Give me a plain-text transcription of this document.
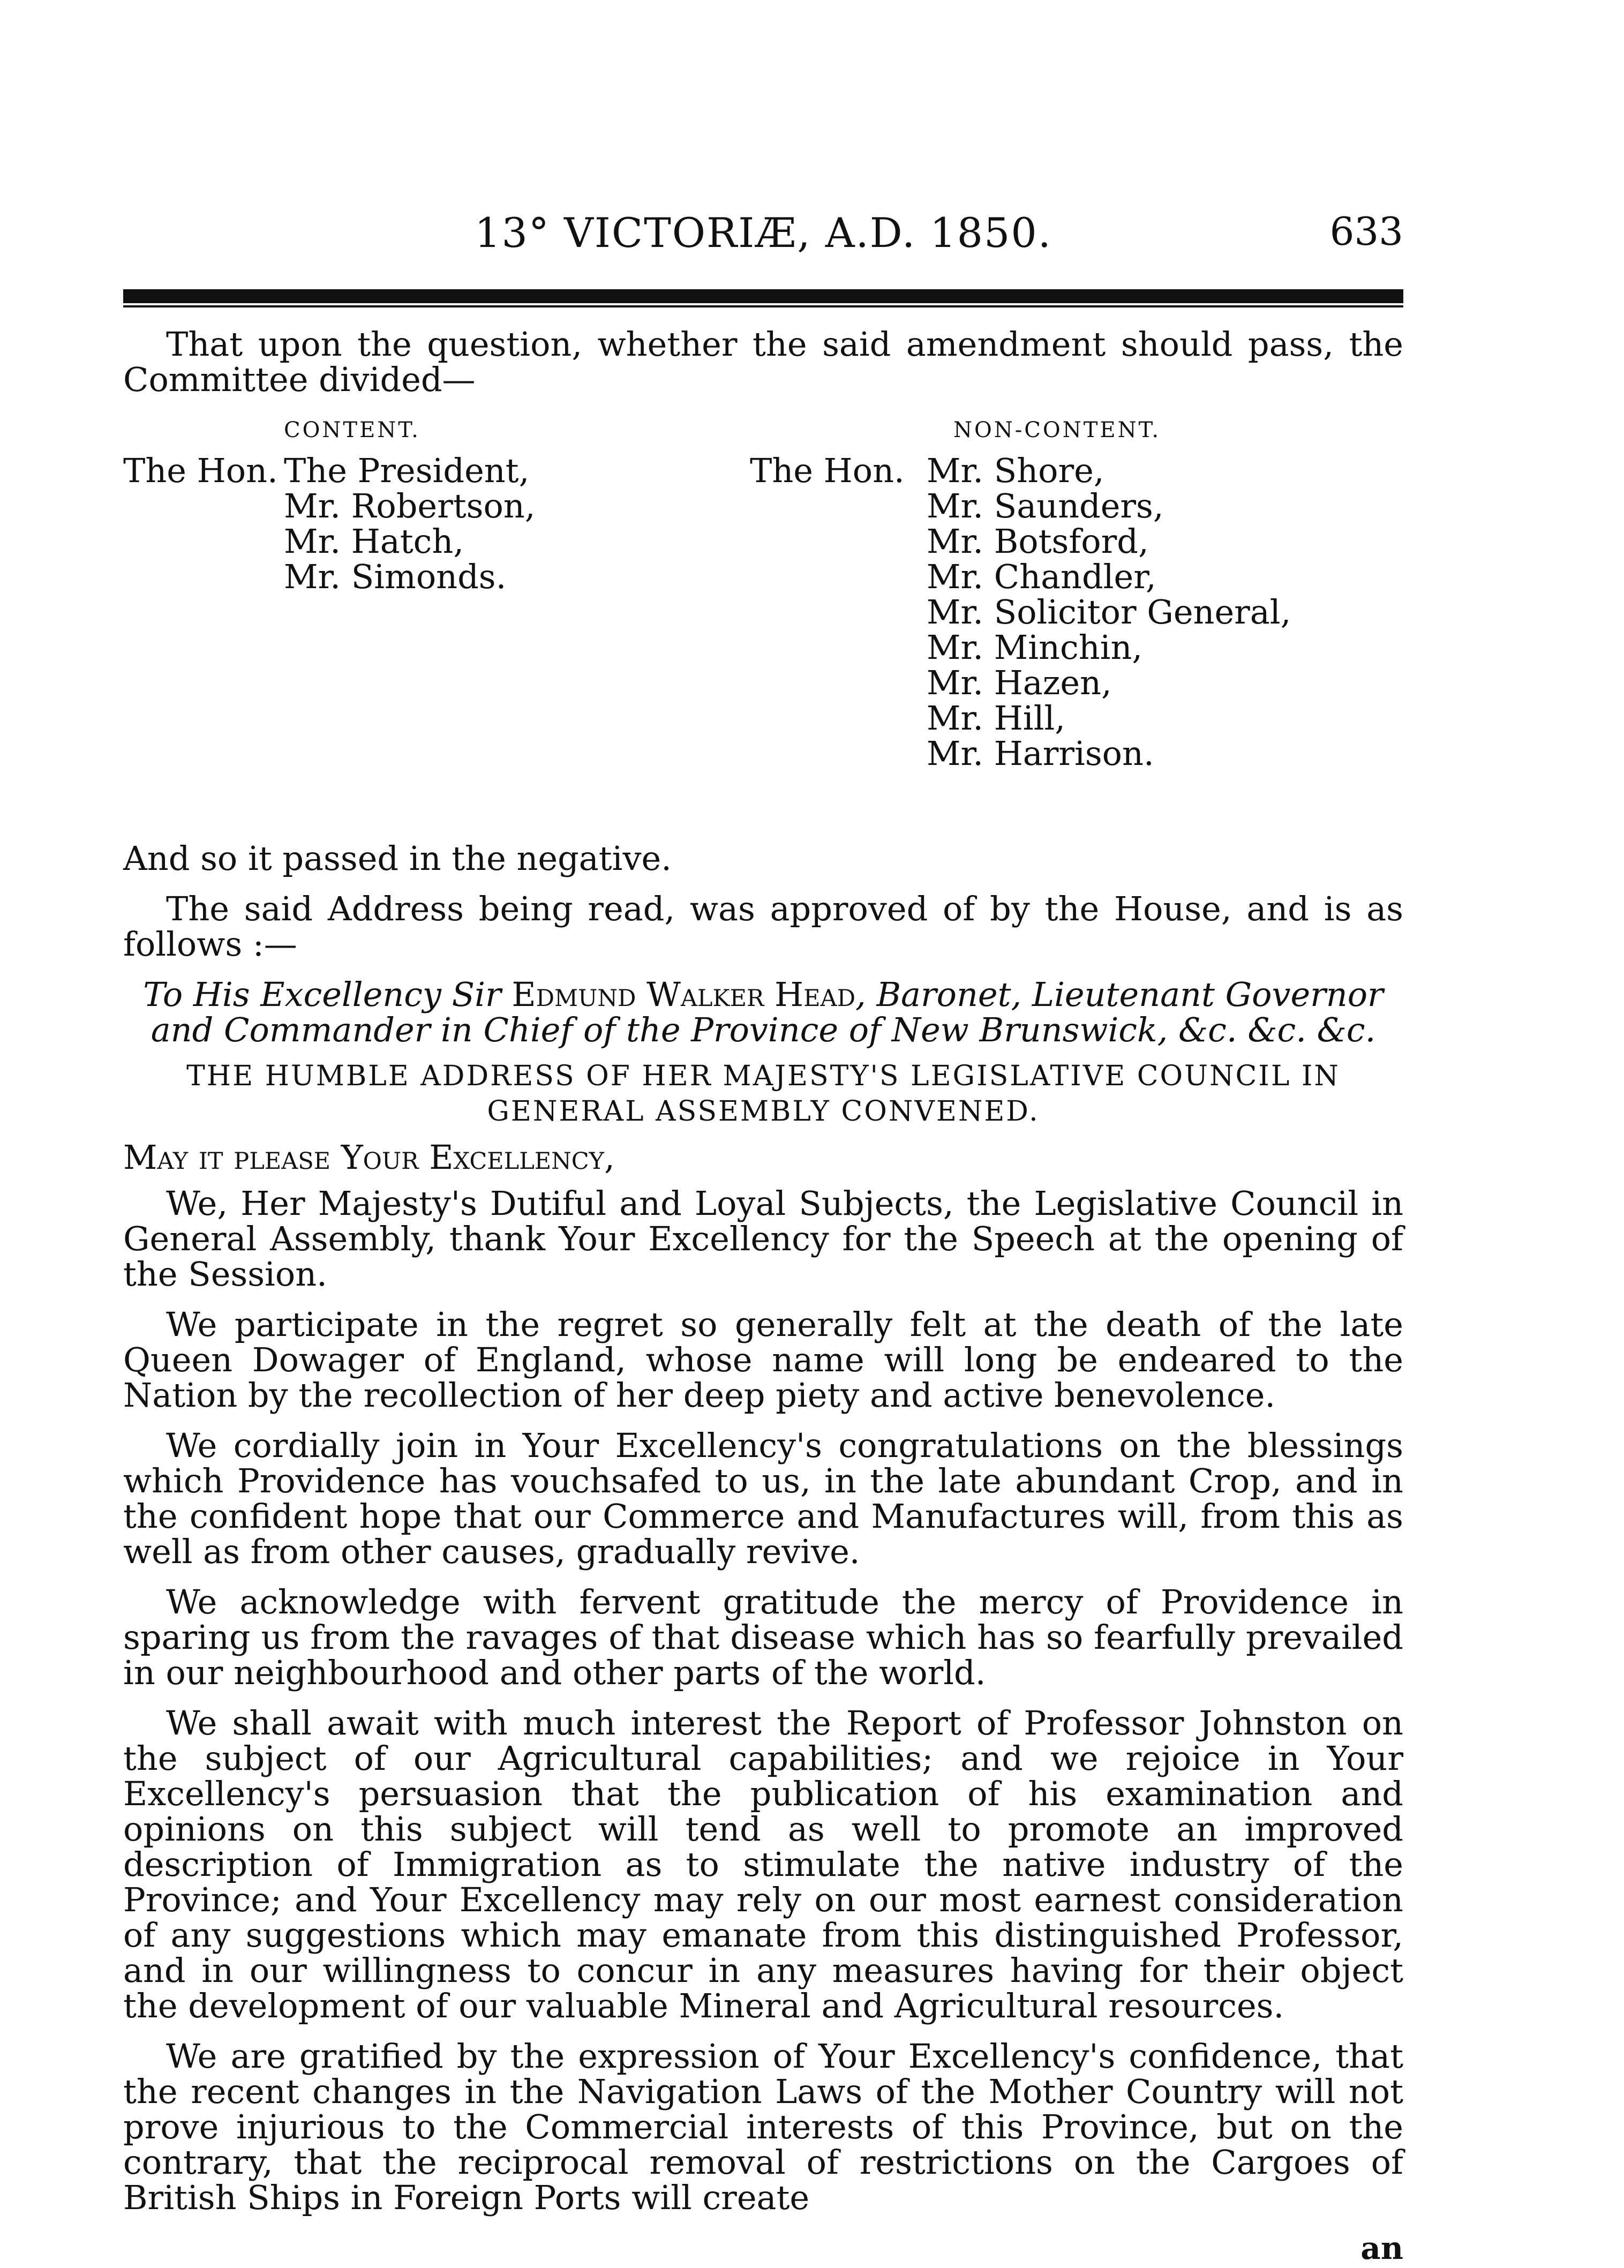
13° VICTORIÆ, A.D. 1850.	633

That upon the question, whether the said amendment should pass, the Committee divided—

CONTENT.
The Hon. The President,
Mr. Robertson,
Mr. Hatch,
Mr. Simonds.
NON-CONTENT.
The Hon. Mr. Shore,
Mr. Saunders,
Mr. Botsford,
Mr. Chandler,
Mr. Solicitor General,
Mr. Minchin,
Mr. Hazen,
Mr. Hill,
Mr. Harrison.

And so it passed in the negative.

The said Address being read, was approved of by the House, and is as follows :—

To His Excellency Sir Edmund Walker Head, Baronet, Lieutenant Governor and Commander in Chief of the Province of New Brunswick, &c. &c. &c.

THE HUMBLE ADDRESS OF HER MAJESTY'S LEGISLATIVE COUNCIL IN GENERAL ASSEMBLY CONVENED.

May it please Your Excellency,

We, Her Majesty's Dutiful and Loyal Subjects, the Legislative Council in General Assembly, thank Your Excellency for the Speech at the opening of the Session.

We participate in the regret so generally felt at the death of the late Queen Dowager of England, whose name will long be endeared to the Nation by the recollection of her deep piety and active benevolence.

We cordially join in Your Excellency's congratulations on the blessings which Providence has vouchsafed to us, in the late abundant Crop, and in the confident hope that our Commerce and Manufactures will, from this as well as from other causes, gradually revive.

We acknowledge with fervent gratitude the mercy of Providence in sparing us from the ravages of that disease which has so fearfully prevailed in our neighbourhood and other parts of the world.

We shall await with much interest the Report of Professor Johnston on the subject of our Agricultural capabilities; and we rejoice in Your Excellency's persuasion that the publication of his examination and opinions on this subject will tend as well to promote an improved description of Immigration as to stimulate the native industry of the Province; and Your Excellency may rely on our most earnest consideration of any suggestions which may emanate from this distinguished Professor, and in our willingness to concur in any measures having for their object the development of our valuable Mineral and Agricultural resources.

We are gratified by the expression of Your Excellency's confidence, that the recent changes in the Navigation Laws of the Mother Country will not prove injurious to the Commercial interests of this Province, but on the contrary, that the reciprocal removal of restrictions on the Cargoes of British Ships in Foreign Ports will create

an
